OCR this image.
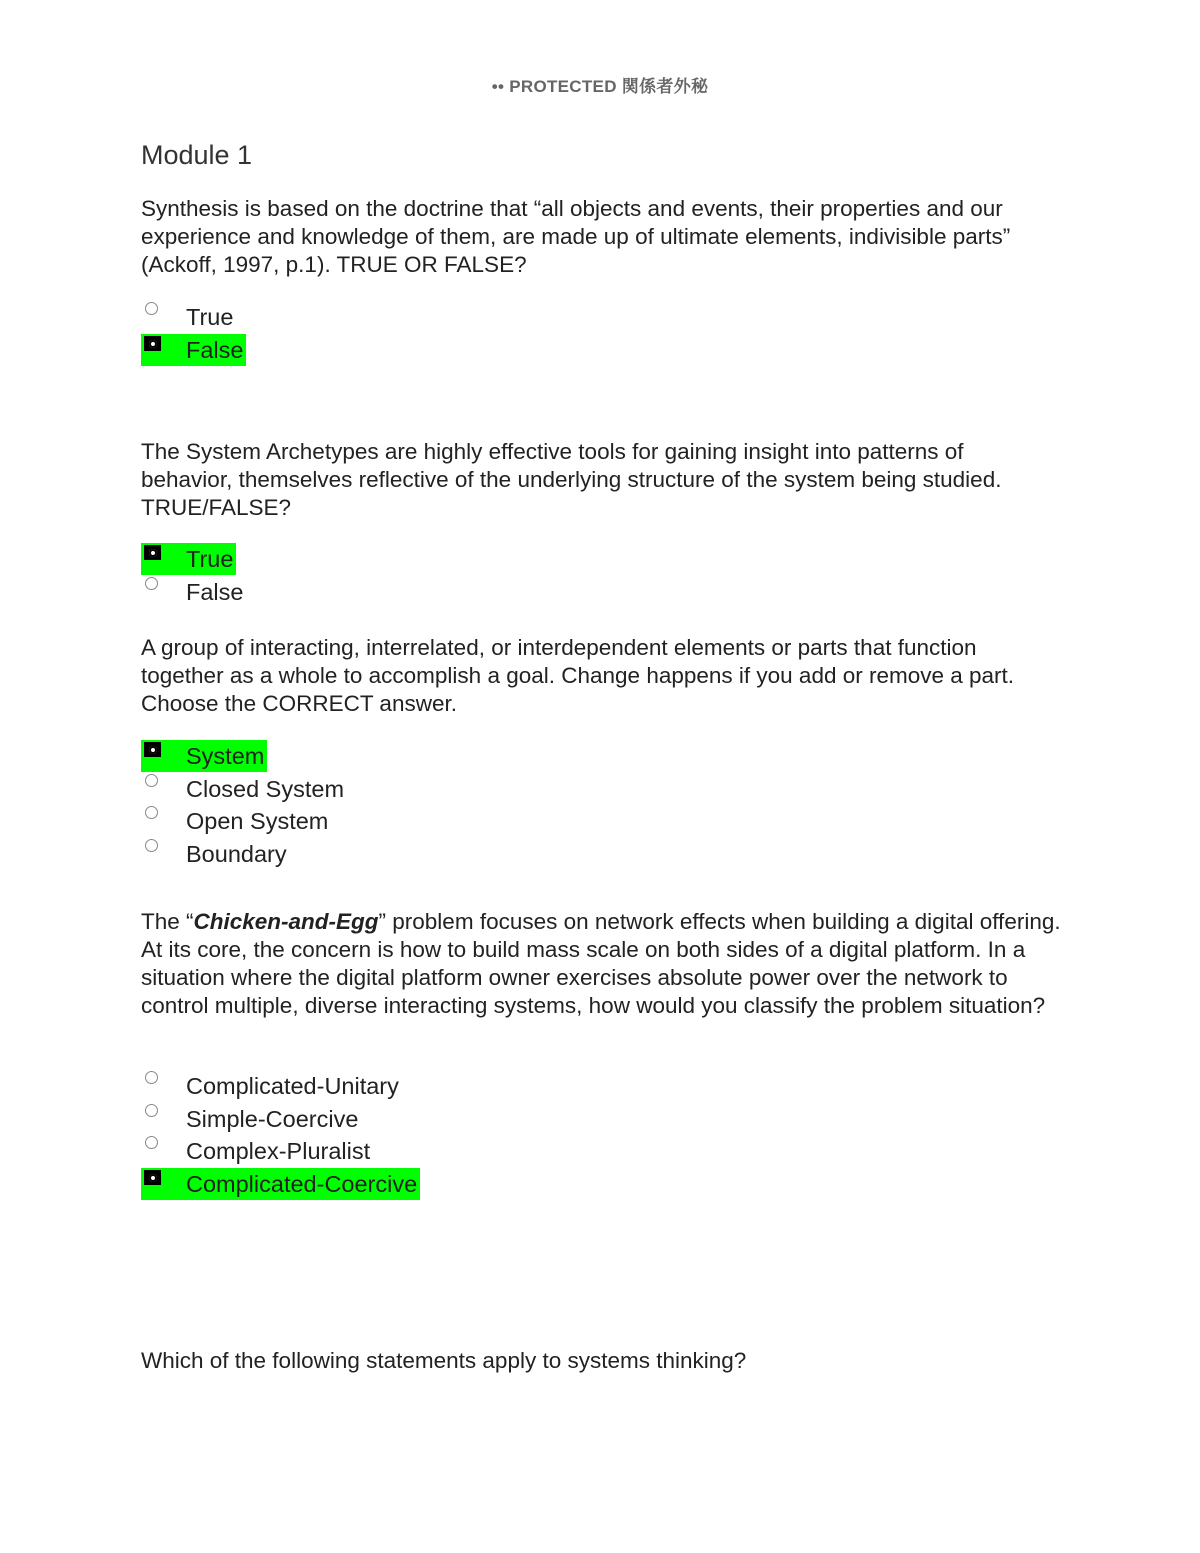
•• PROTECTED 関係者外秘
Module 1

Synthesis is based on the doctrine that “all objects and events, their properties and our experience and knowledge of them, are made up of ultimate elements, indivisible parts” (Ackoff, 1997, p.1). TRUE OR FALSE?

True
False

The System Archetypes are highly effective tools for gaining insight into patterns of behavior, themselves reflective of the underlying structure of the system being studied. TRUE/FALSE?

True
False

A group of interacting, interrelated, or interdependent elements or parts that function together as a whole to accomplish a goal. Change happens if you add or remove a part. Choose the CORRECT answer.

System
Closed System
Open System
Boundary

The “Chicken-and-Egg” problem focuses on network effects when building a digital offering. At its core, the concern is how to build mass scale on both sides of a digital platform. In a situation where the digital platform owner exercises absolute power over the network to control multiple, diverse interacting systems, how would you classify the problem situation?

Complicated-Unitary
Simple-Coercive
Complex-Pluralist
Complicated-Coercive

Which of the following statements apply to systems thinking?
